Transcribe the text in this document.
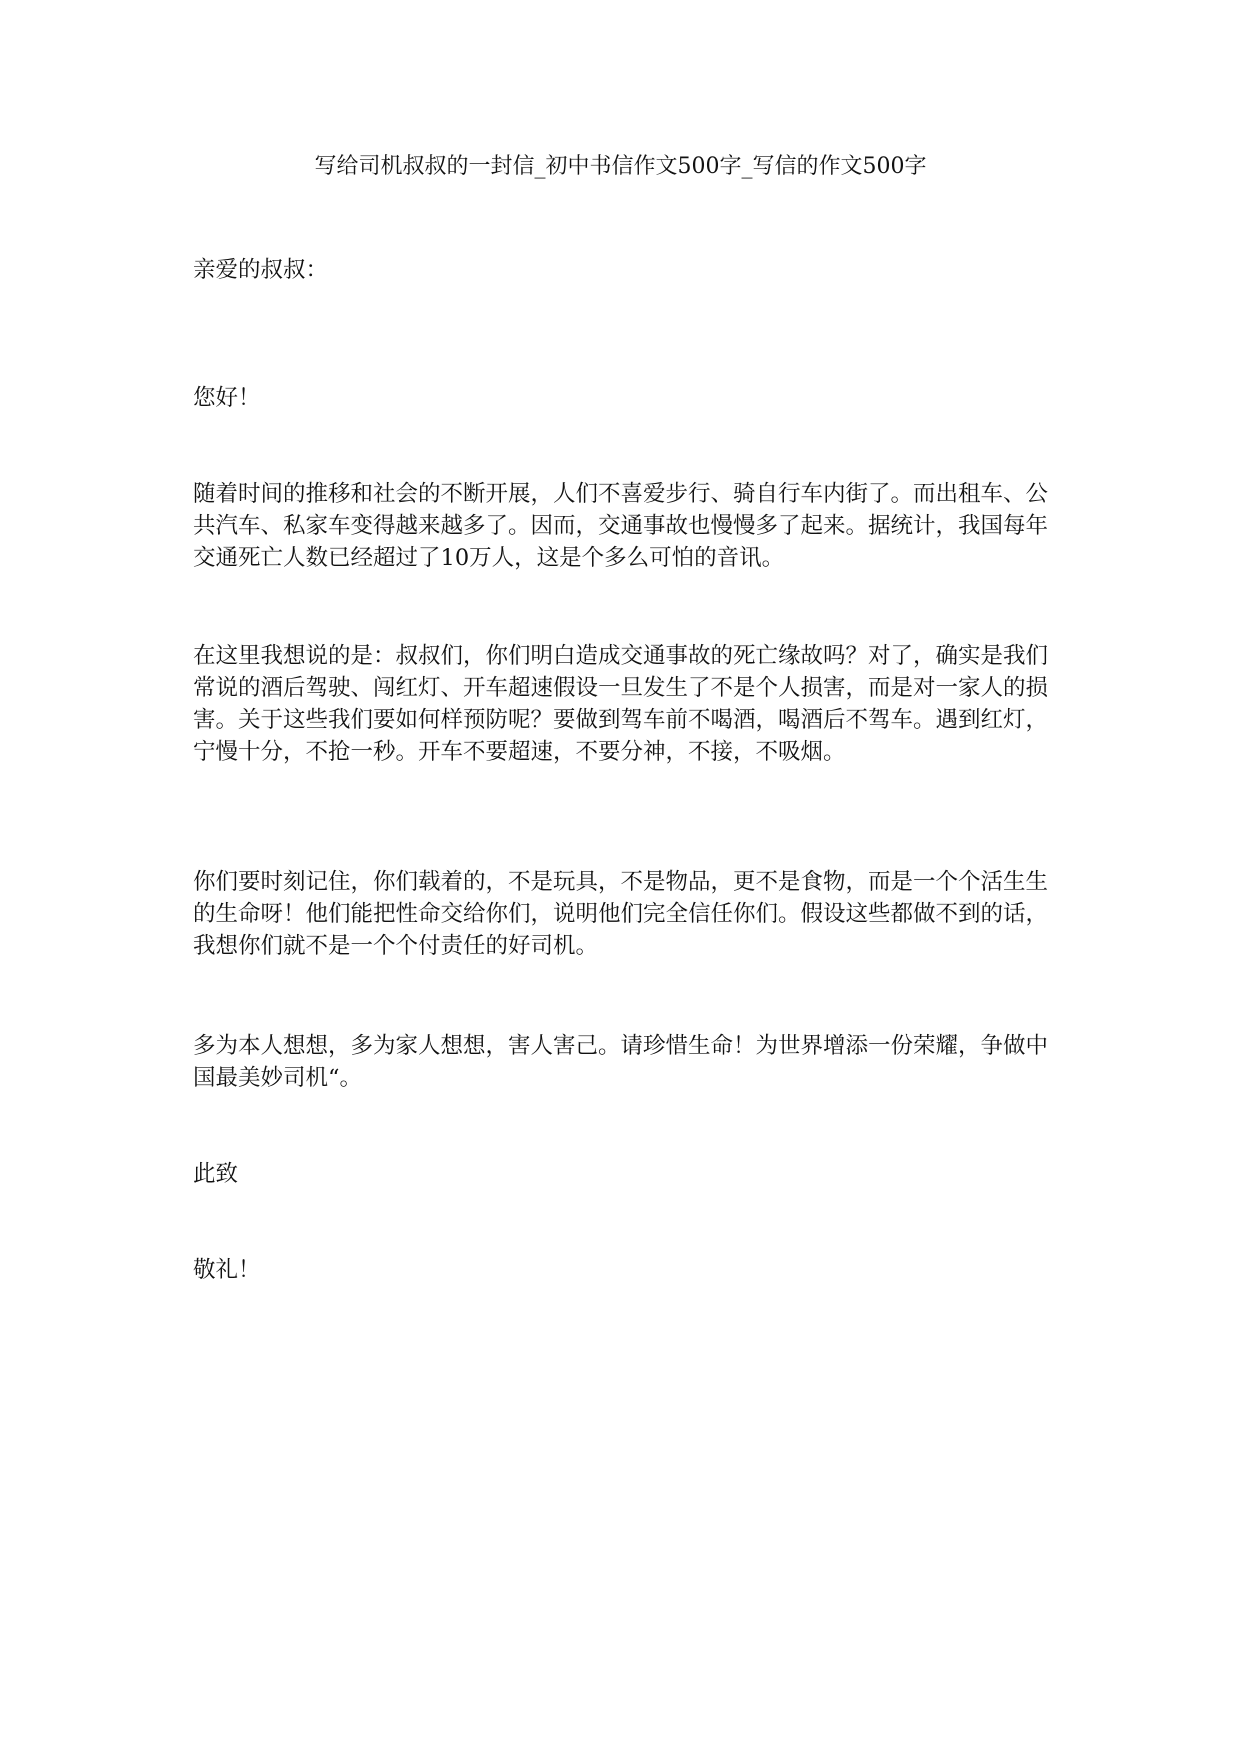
写给司机叔叔的一封信_初中书信作文500字_写信的作文500字

亲爱的叔叔：

您好！

随着时间的推移和社会的不断开展，人们不喜爱步行、骑自行车内街了。而出租车、公共汽车、私家车变得越来越多了。因而，交通事故也慢慢多了起来。据统计，我国每年交通死亡人数已经超过了10万人，这是个多么可怕的音讯。

在这里我想说的是：叔叔们，你们明白造成交通事故的死亡缘故吗？对了，确实是我们常说的酒后驾驶、闯红灯、开车超速假设一旦发生了不是个人损害，而是对一家人的损害。关于这些我们要如何样预防呢？要做到驾车前不喝酒，喝酒后不驾车。遇到红灯，宁慢十分，不抢一秒。开车不要超速，不要分神，不接，不吸烟。

你们要时刻记住，你们载着的，不是玩具，不是物品，更不是食物，而是一个个活生生的生命呀！他们能把性命交给你们，说明他们完全信任你们。假设这些都做不到的话，我想你们就不是一个个付责任的好司机。

多为本人想想，多为家人想想，害人害己。请珍惜生命！为世界增添一份荣耀，争做中国最美妙司机“。

此致

敬礼！
